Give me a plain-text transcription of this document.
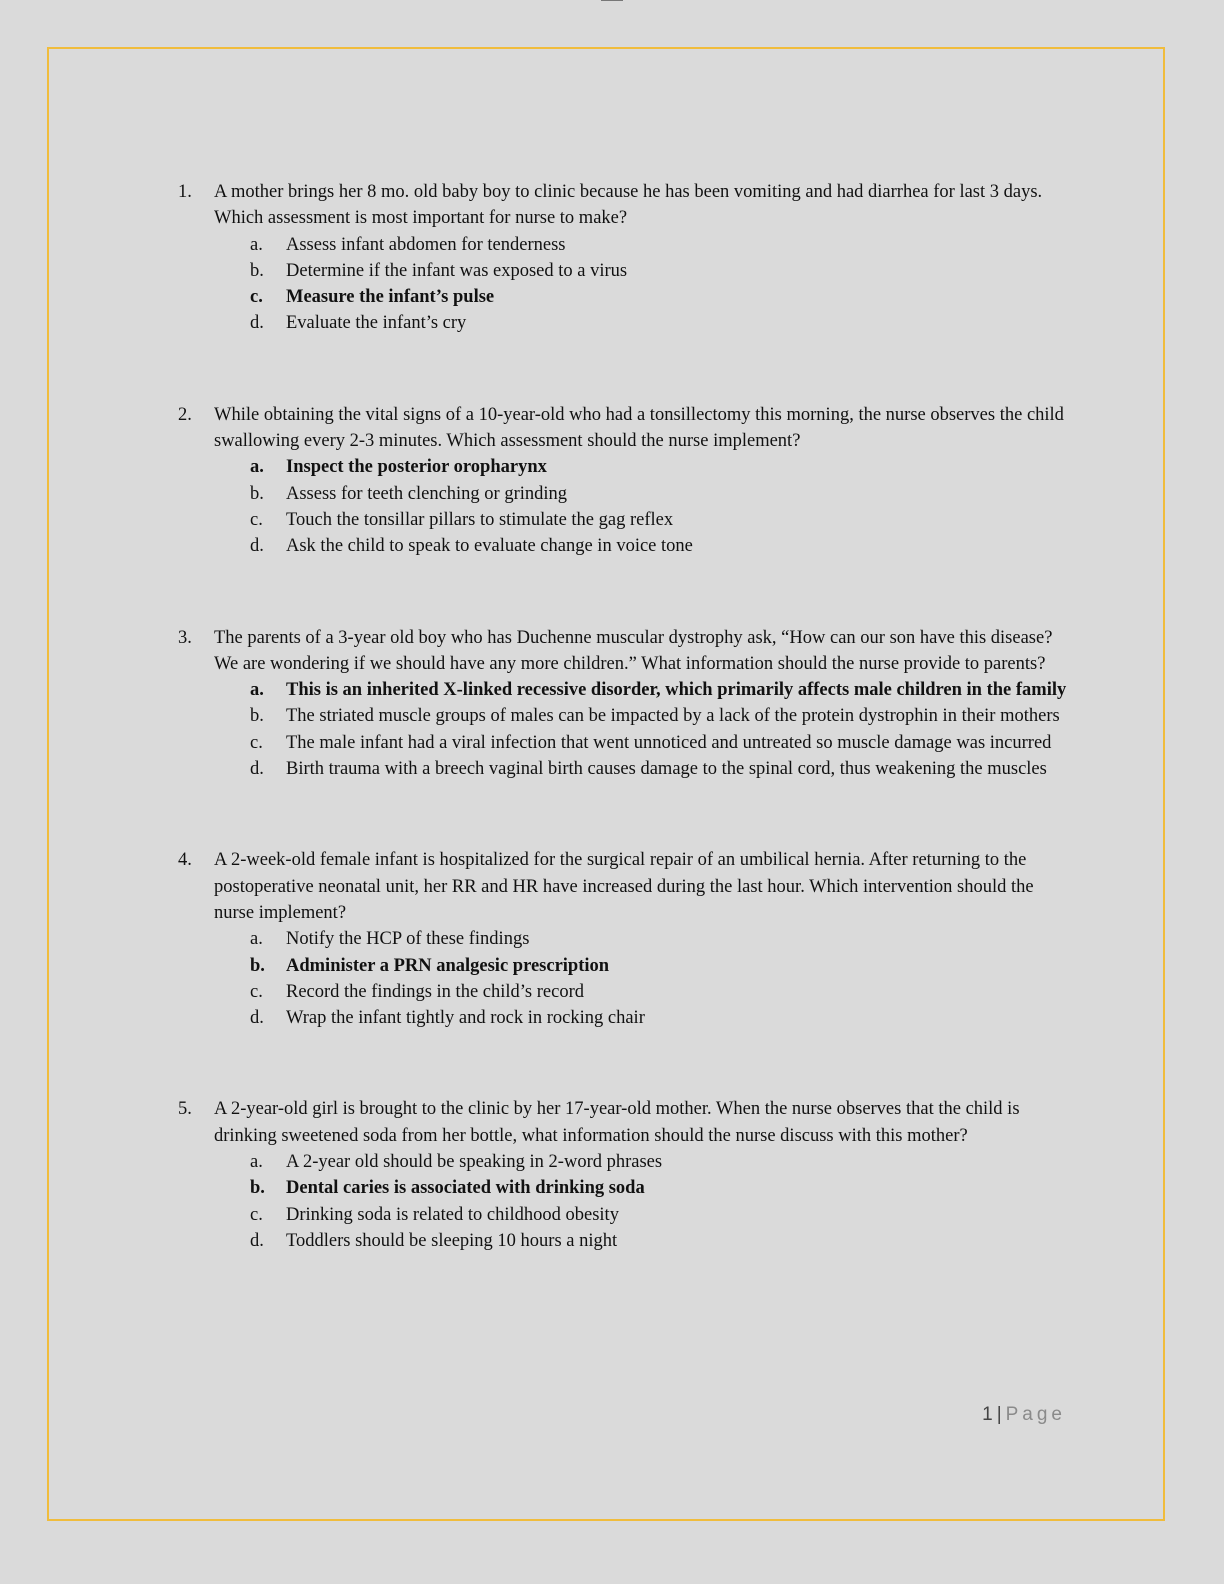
1.	A mother brings her 8 mo. old baby boy to clinic because he has been vomiting and had diarrhea for last 3 days. Which assessment is most important for nurse to make?
a. Assess infant abdomen for tenderness
b. Determine if the infant was exposed to a virus
c. Measure the infant’s pulse
d. Evaluate the infant’s cry
2.	While obtaining the vital signs of a 10-year-old who had a tonsillectomy this morning, the nurse observes the child swallowing every 2-3 minutes. Which assessment should the nurse implement?
a. Inspect the posterior oropharynx
b. Assess for teeth clenching or grinding
c. Touch the tonsillar pillars to stimulate the gag reflex
d. Ask the child to speak to evaluate change in voice tone
3.	The parents of a 3-year old boy who has Duchenne muscular dystrophy ask, “How can our son have this disease? We are wondering if we should have any more children.” What information should the nurse provide to parents?
a. This is an inherited X-linked recessive disorder, which primarily affects male children in the family
b. The striated muscle groups of males can be impacted by a lack of the protein dystrophin in their mothers
c. The male infant had a viral infection that went unnoticed and untreated so muscle damage was incurred
d. Birth trauma with a breech vaginal birth causes damage to the spinal cord, thus weakening the muscles
4.	A 2-week-old female infant is hospitalized for the surgical repair of an umbilical hernia. After returning to the postoperative neonatal unit, her RR and HR have increased during the last hour. Which intervention should the nurse implement?
a. Notify the HCP of these findings
b. Administer a PRN analgesic prescription
c. Record the findings in the child’s record
d. Wrap the infant tightly and rock in rocking chair
5.	A 2-year-old girl is brought to the clinic by her 17-year-old mother. When the nurse observes that the child is drinking sweetened soda from her bottle, what information should the nurse discuss with this mother?
a. A 2-year old should be speaking in 2-word phrases
b. Dental caries is associated with drinking soda
c. Drinking soda is related to childhood obesity
d. Toddlers should be sleeping 10 hours a night
1 | Page
